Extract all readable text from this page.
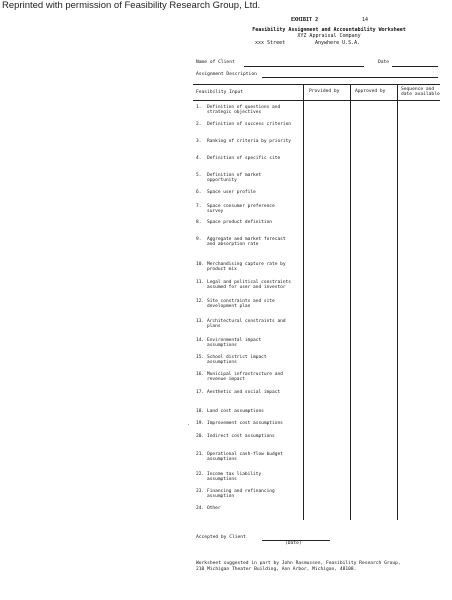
Reprinted with permission of Feasibility Research Group, Ltd.
EXHIBIT 2	14
Feasibility Assignment and Accountability Worksheet
XYZ Appraisal Company
xxx Street	Anywhere U.S.A.
Name of Client	Date
Assignment Description
Feasibility Input	Provided by	Approved by	Sequence and
date available
1. Definition of questions and strategic objectives
2. Definition of success criterion
3. Ranking of criteria by priority
4. Definition of specific site
5. Definition of market opportunity
6. Space user profile
7. Space consumer preference survey
8. Space product definition
9. Aggregate and market forecast and absorption rate
10. Merchandising capture rate by product mix
11. Legal and political constraints assumed for user and investor
12. Site constraints and site development plan
13. Architectural constraints and plans
14. Environmental impact assumptions
15. School district impact assumptions
16. Municipal infrastructure and revenue impact
17. Aesthetic and social impact
18. Land cost assumptions
19. Improvement cost assumptions
20. Indirect cost assumptions
21. Operational cash-flow budget assumptions
22. Income tax liability assumptions
23. Financing and refinancing assumption
24. Other
.
Accepted by Client
(Date)
Worksheet suggested in part by John Rasmussen, Feasibility Research Group,
210 Michigan Theater Building, Ann Arbor, Michigan, 48108.
